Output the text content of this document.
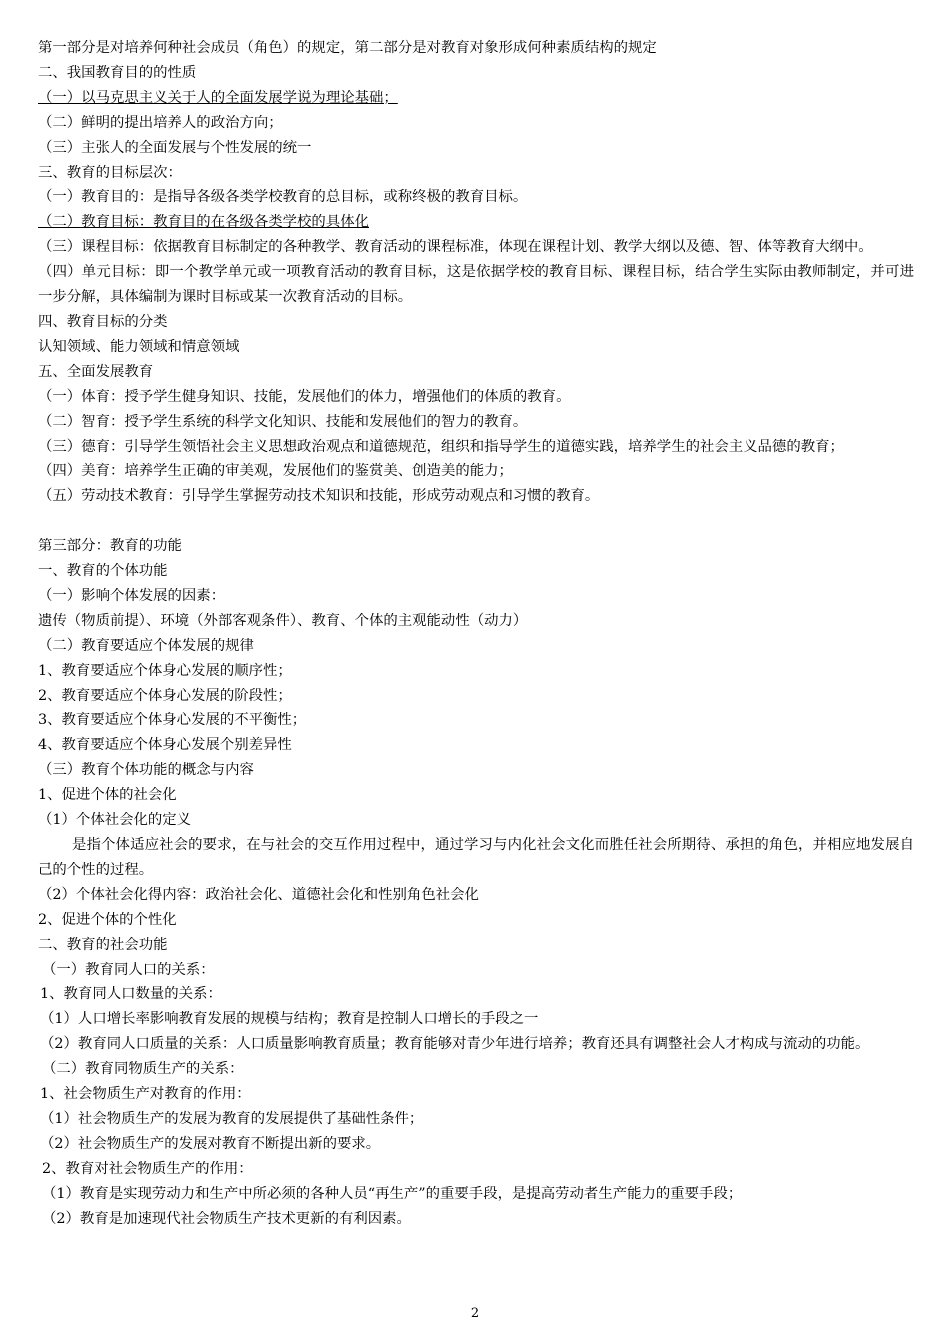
第一部分是对培养何种社会成员（角色）的规定，第二部分是对教育对象形成何种素质结构的规定

二、我国教育目的的性质

（一）以马克思主义关于人的全面发展学说为理论基础；

（二）鲜明的提出培养人的政治方向；

（三）主张人的全面发展与个性发展的统一

三、教育的目标层次：

（一）教育目的：是指导各级各类学校教育的总目标，或称终极的教育目标。

（二）教育目标：教育目的在各级各类学校的具体化

（三）课程目标：依据教育目标制定的各种教学、教育活动的课程标准，体现在课程计划、教学大纲以及德、智、体等教育大纲中。

（四）单元目标：即一个教学单元或一项教育活动的教育目标，这是依据学校的教育目标、课程目标，结合学生实际由教师制定，并可进一步分解，具体编制为课时目标或某一次教育活动的目标。

四、教育目标的分类

认知领域、能力领域和情意领域

五、全面发展教育

（一）体育：授予学生健身知识、技能，发展他们的体力，增强他们的体质的教育。

（二）智育：授予学生系统的科学文化知识、技能和发展他们的智力的教育。

（三）德育：引导学生领悟社会主义思想政治观点和道德规范，组织和指导学生的道德实践，培养学生的社会主义品德的教育；

（四）美育：培养学生正确的审美观，发展他们的鉴赏美、创造美的能力；

（五）劳动技术教育：引导学生掌握劳动技术知识和技能，形成劳动观点和习惯的教育。

第三部分：教育的功能

一、教育的个体功能

（一）影响个体发展的因素：

遗传（物质前提）、环境（外部客观条件）、教育、个体的主观能动性（动力）

（二）教育要适应个体发展的规律

1、教育要适应个体身心发展的顺序性；

2、教育要适应个体身心发展的阶段性；

3、教育要适应个体身心发展的不平衡性；

4、教育要适应个体身心发展个别差异性

（三）教育个体功能的概念与内容

1、促进个体的社会化

（1）个体社会化的定义

是指个体适应社会的要求，在与社会的交互作用过程中，通过学习与内化社会文化而胜任社会所期待、承担的角色，并相应地发展自己的个性的过程。

（2）个体社会化得内容：政治社会化、道德社会化和性别角色社会化

2、促进个体的个性化

二、教育的社会功能

（一）教育同人口的关系：

1、教育同人口数量的关系：

（1）人口增长率影响教育发展的规模与结构；教育是控制人口增长的手段之一

（2）教育同人口质量的关系：人口质量影响教育质量；教育能够对青少年进行培养；教育还具有调整社会人才构成与流动的功能。

（二）教育同物质生产的关系：

1、社会物质生产对教育的作用：

（1）社会物质生产的发展为教育的发展提供了基础性条件；

（2）社会物质生产的发展对教育不断提出新的要求。

2、教育对社会物质生产的作用：

（1）教育是实现劳动力和生产中所必须的各种人员“再生产”的重要手段，是提高劳动者生产能力的重要手段；

（2）教育是加速现代社会物质生产技术更新的有利因素。

2
